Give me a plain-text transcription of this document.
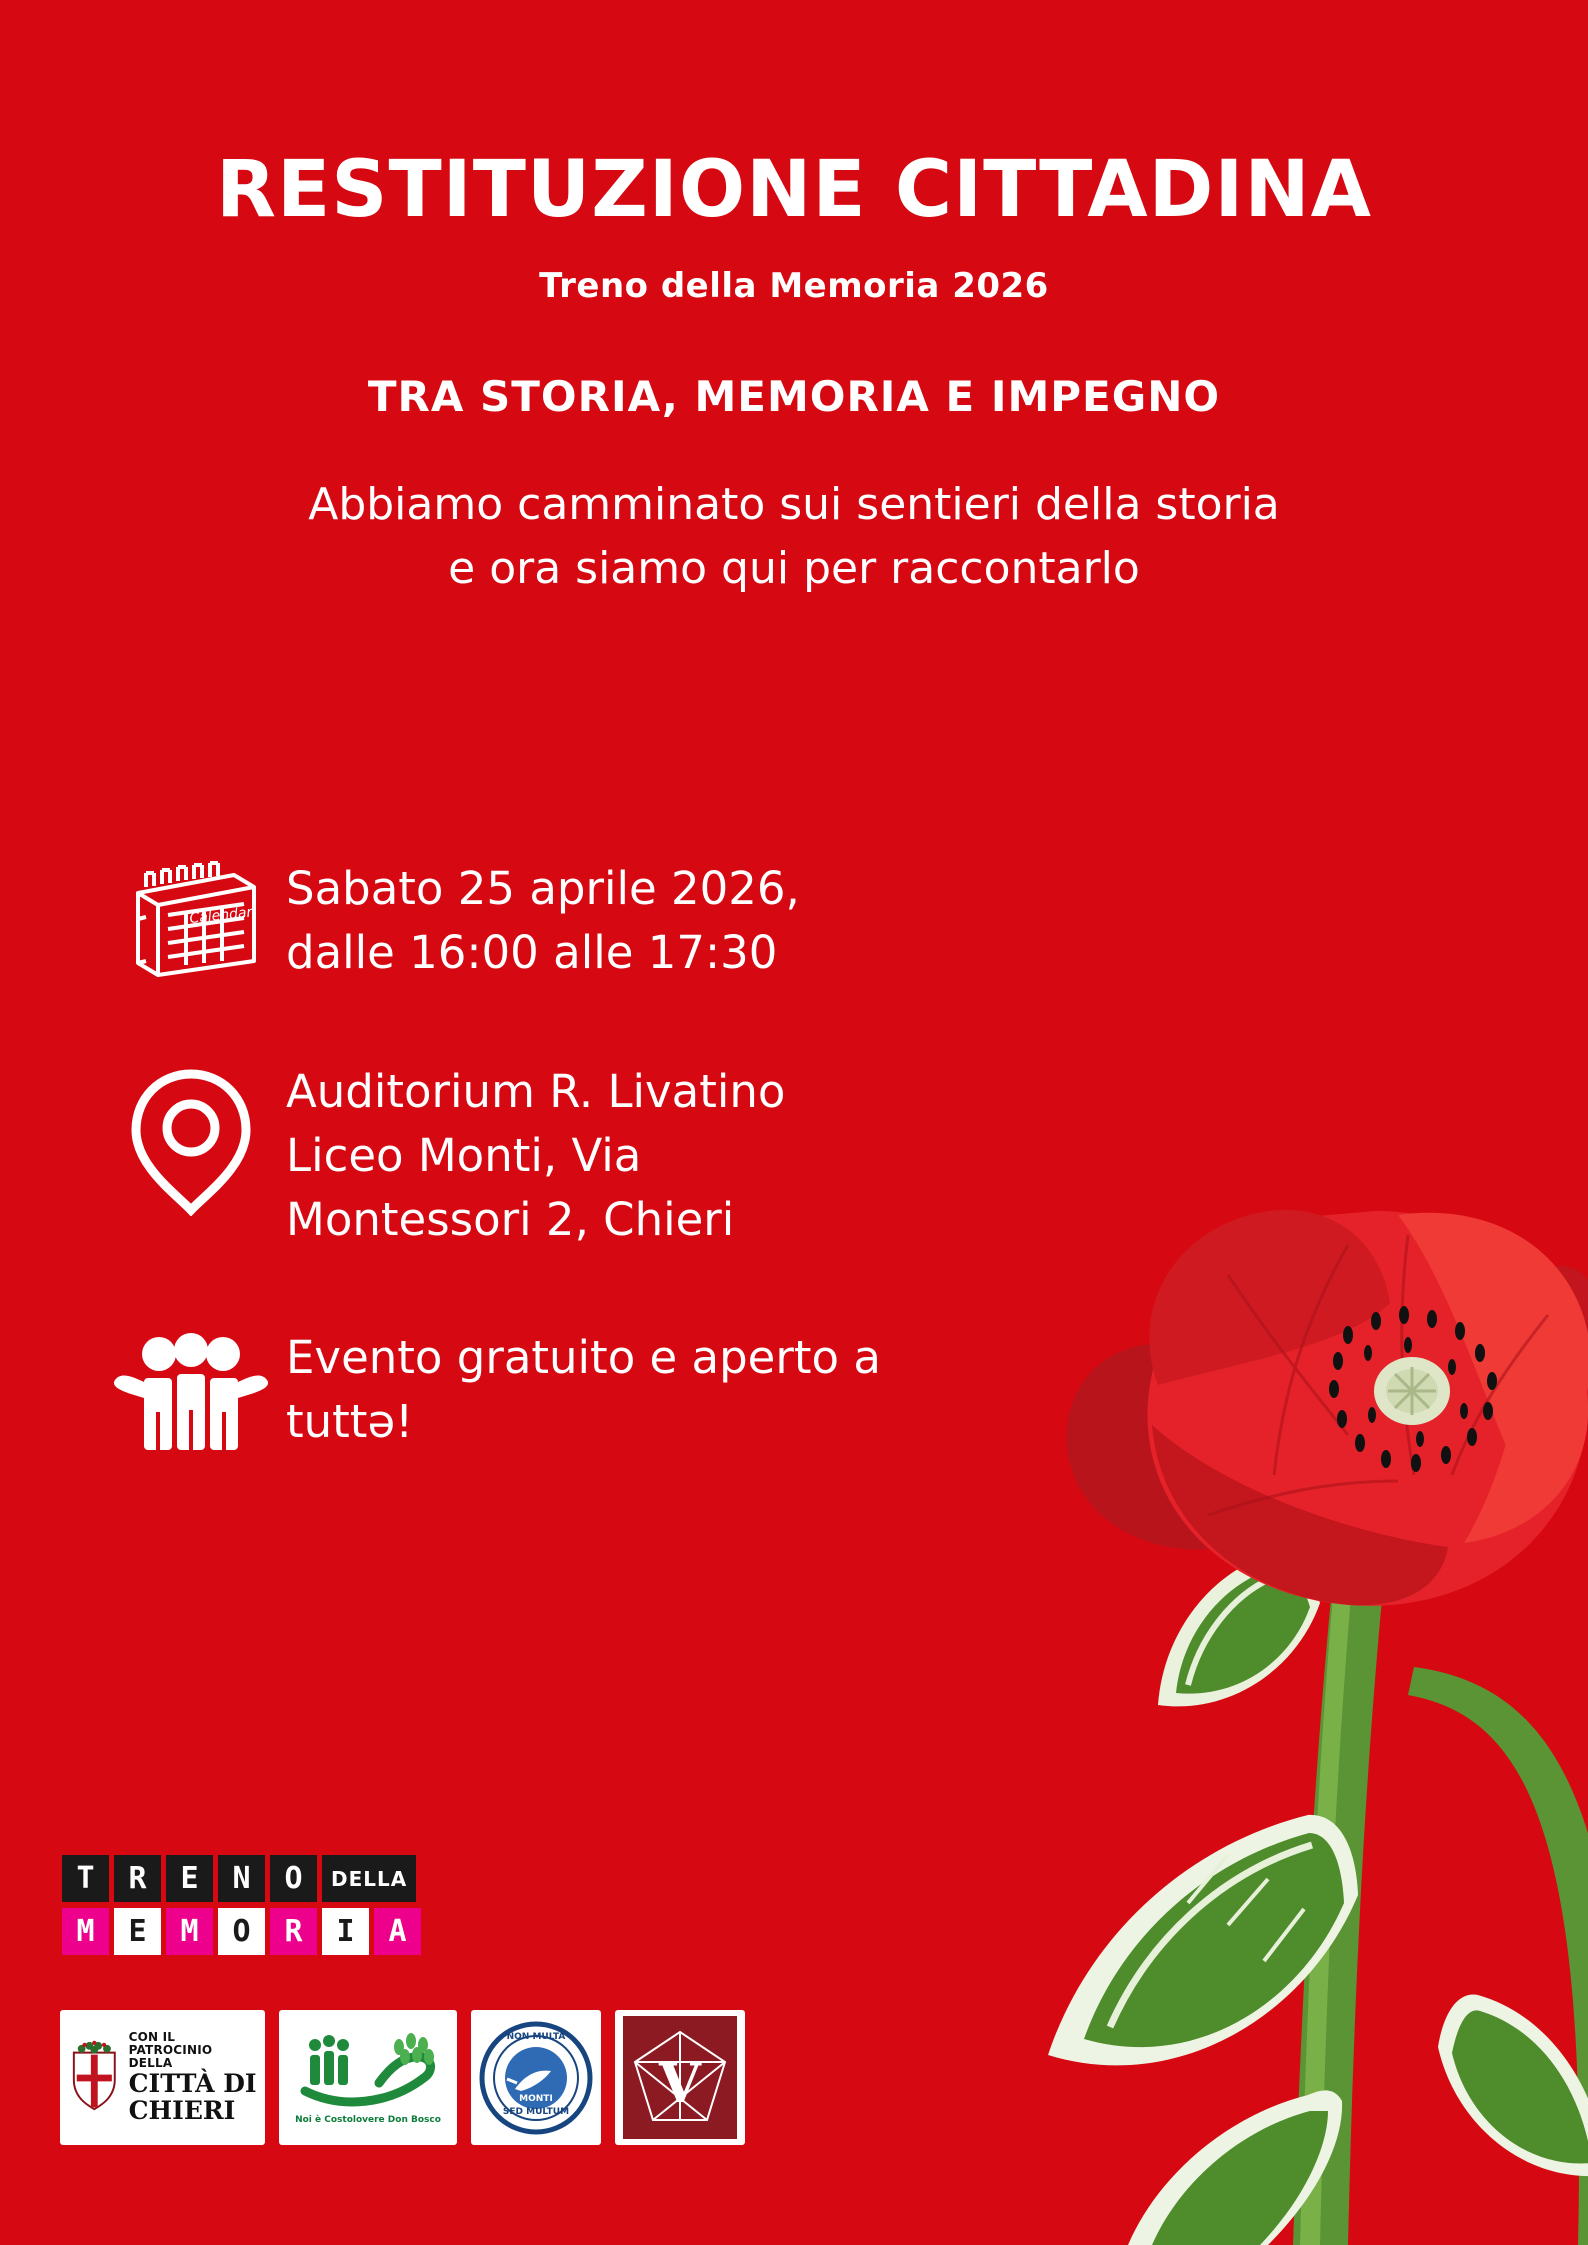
RESTITUZIONE CITTADINA
Treno della Memoria 2026
TRA STORIA, MEMORIA E IMPEGNO
Abbiamo camminato sui sentieri della storia
e ora siamo qui per raccontarlo
Calendar
Sabato 25 aprile 2026, dalle 16:00 alle 17:30
Auditorium R. Livatino Liceo Monti, Via Montessori 2, Chieri
Evento gratuito e aperto a tuttə!
T	R	E	N	O	DELLA
M	E	M	O	R	I	A
CON IL
PATROCINIO DELLA
CITTÀ DI
CHIERI	Noi è Costolovere Don Bosco
SED MULTUM
NON MULTA
MONTI V
